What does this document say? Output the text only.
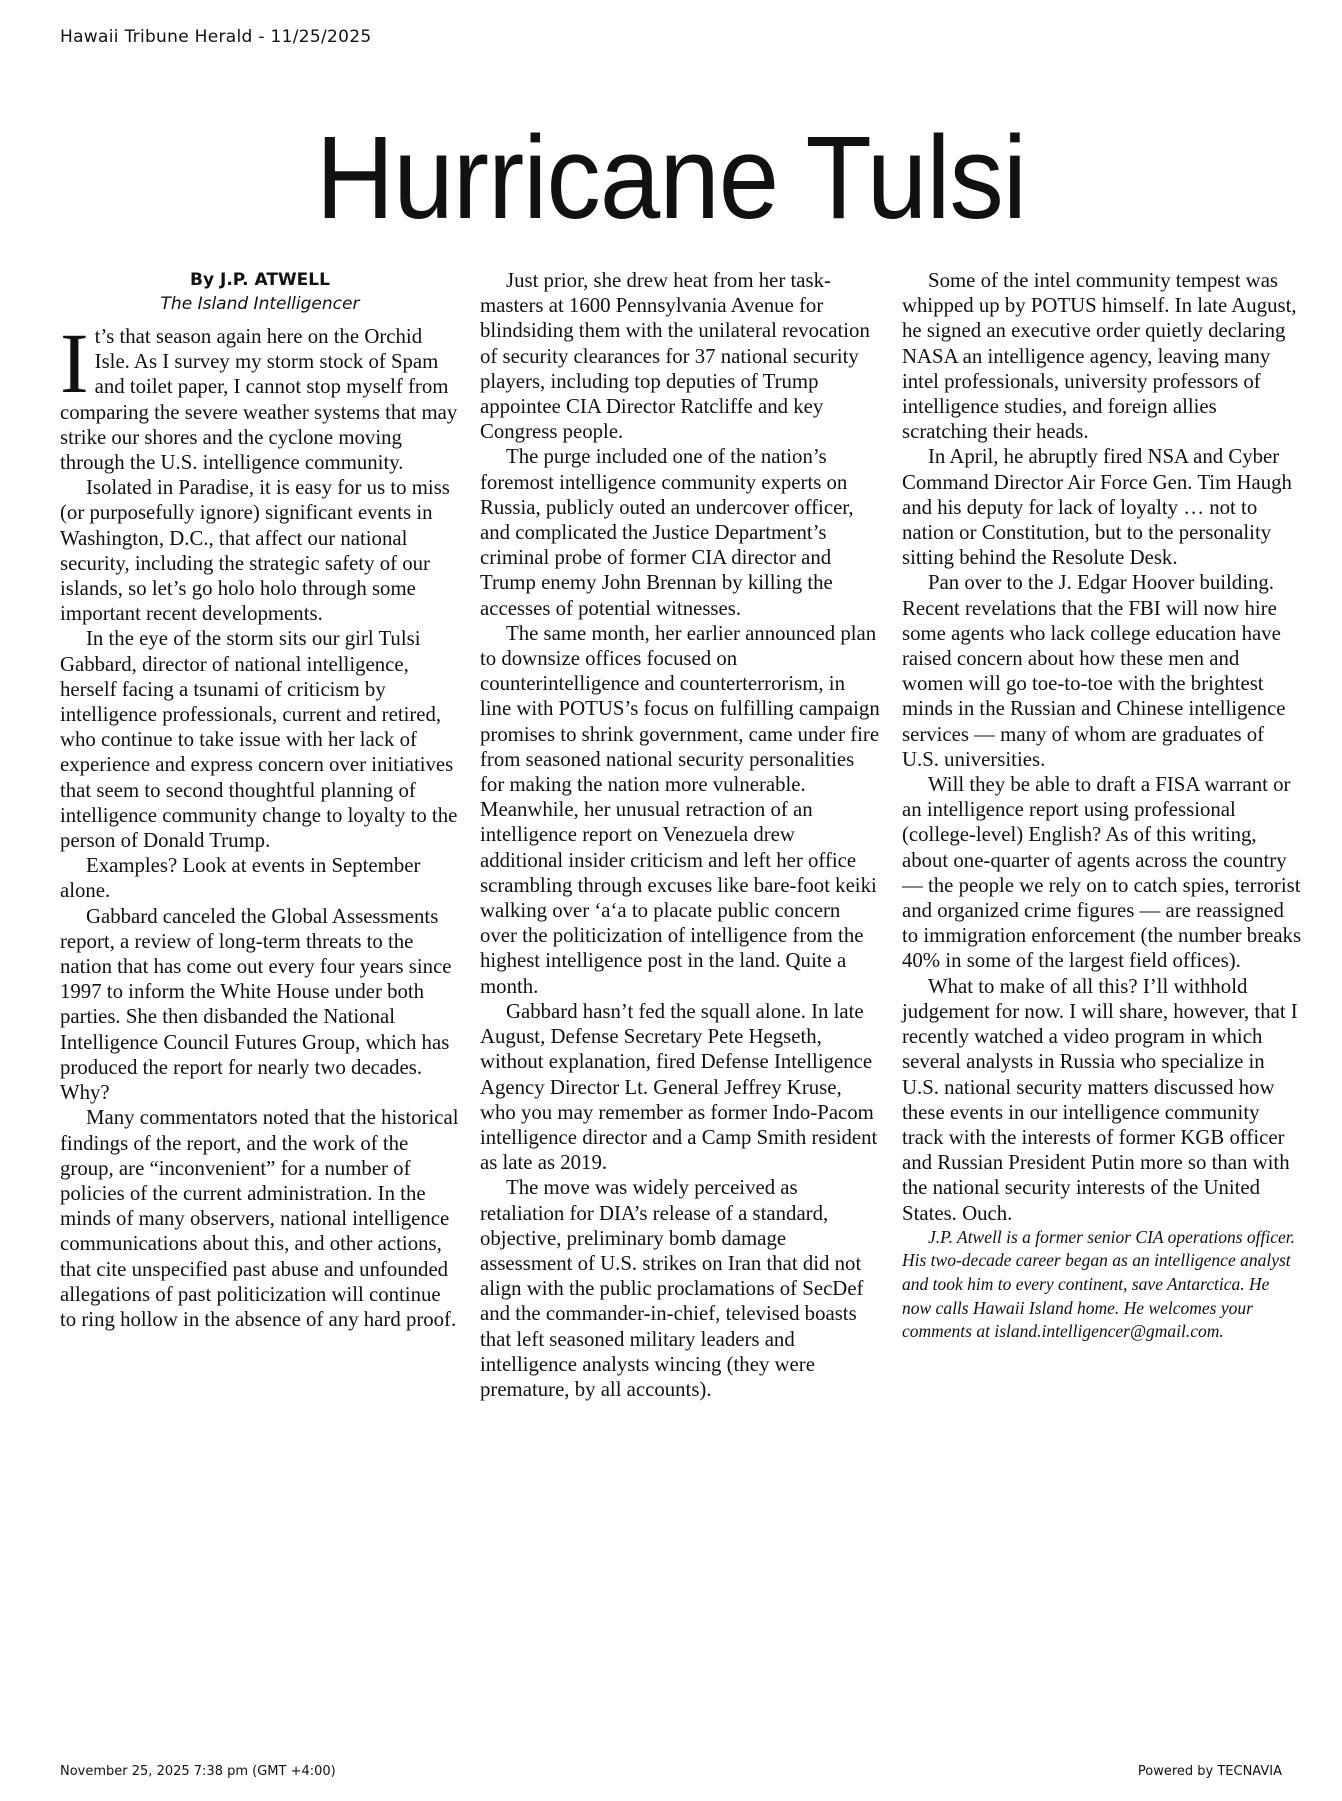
Hawaii Tribune Herald - 11/25/2025
Hurricane Tulsi
By J.P. ATWELL
The Island Intelligencer

It’s that season again here on the Orchid Isle. As I survey my storm stock of Spam and toilet paper, I cannot stop myself from comparing the severe weather systems that may strike our shores and the cyclone moving through the U.S. intelligence community.

Isolated in Paradise, it is easy for us to miss (or purposefully ignore) significant events in Washington, D.C., that affect our national security, including the strategic safety of our islands, so let’s go holo holo through some important recent developments.

In the eye of the storm sits our girl Tulsi Gabbard, director of national intelligence, herself facing a tsunami of criticism by intelligence professionals, current and retired, who continue to take issue with her lack of experience and express concern over initiatives that seem to second thoughtful planning of intelligence community change to loyalty to the person of Donald Trump.

Examples? Look at events in September alone.

Gabbard canceled the Global Assessments report, a review of long-term threats to the nation that has come out every four years since 1997 to inform the White House under both parties. She then disbanded the National Intelligence Council Futures Group, which has produced the report for nearly two decades. Why?

Many commentators noted that the historical findings of the report, and the work of the group, are “inconvenient” for a number of policies of the current administration. In the minds of many observers, national intelligence communications about this, and other actions, that cite unspecified past abuse and unfounded allegations of past politicization will continue to ring hollow in the absence of any hard proof.

Just prior, she drew heat from her task-masters at 1600 Pennsylvania Avenue for blindsiding them with the unilateral revocation of security clearances for 37 national security players, including top deputies of Trump appointee CIA Director Ratcliffe and key Congress people.

The purge included one of the nation’s foremost intelligence community experts on Russia, publicly outed an undercover officer, and complicated the Justice Department’s criminal probe of former CIA director and Trump enemy John Brennan by killing the accesses of potential witnesses.

The same month, her earlier announced plan to downsize offices focused on counterintelligence and counterterrorism, in line with POTUS’s focus on fulfilling campaign promises to shrink government, came under fire from seasoned national security personalities for making the nation more vulnerable. Meanwhile, her unusual retraction of an intelligence report on Venezuela drew additional insider criticism and left her office scrambling through excuses like bare-foot keiki walking over ‘a‘a to placate public concern over the politicization of intelligence from the highest intelligence post in the land. Quite a month.

Gabbard hasn’t fed the squall alone. In late August, Defense Secretary Pete Hegseth, without explanation, fired Defense Intelligence Agency Director Lt. General Jeffrey Kruse, who you may remember as former Indo-Pacom intelligence director and a Camp Smith resident as late as 2019.

The move was widely perceived as retaliation for DIA’s release of a standard, objective, preliminary bomb damage assessment of U.S. strikes on Iran that did not align with the public proclamations of SecDef and the commander-in-chief, televised boasts that left seasoned military leaders and intelligence analysts wincing (they were premature, by all accounts).

Some of the intel community tempest was whipped up by POTUS himself. In late August, he signed an executive order quietly declaring NASA an intelligence agency, leaving many intel professionals, university professors of intelligence studies, and foreign allies scratching their heads.

In April, he abruptly fired NSA and Cyber Command Director Air Force Gen. Tim Haugh and his deputy for lack of loyalty … not to nation or Constitution, but to the personality sitting behind the Resolute Desk.

Pan over to the J. Edgar Hoover building. Recent revelations that the FBI will now hire some agents who lack college education have raised concern about how these men and women will go toe-to-toe with the brightest minds in the Russian and Chinese intelligence services — many of whom are graduates of U.S. universities.

Will they be able to draft a FISA warrant or an intelligence report using professional (college-level) English? As of this writing, about one-quarter of agents across the country — the people we rely on to catch spies, terrorist and organized crime figures — are reassigned to immigration enforcement (the number breaks 40% in some of the largest field offices).

What to make of all this? I’ll withhold judgement for now. I will share, however, that I recently watched a video program in which several analysts in Russia who specialize in U.S. national security matters discussed how these events in our intelligence community track with the interests of former KGB officer and Russian President Putin more so than with the national security interests of the United States. Ouch.

J.P. Atwell is a former senior CIA operations officer. His two-decade career began as an intelligence analyst and took him to every continent, save Antarctica. He now calls Hawaii Island home. He welcomes your comments at island.intelligencer@gmail.com.

November 25, 2025 7:38 pm (GMT +4:00)	Powered by TECNAVIA
